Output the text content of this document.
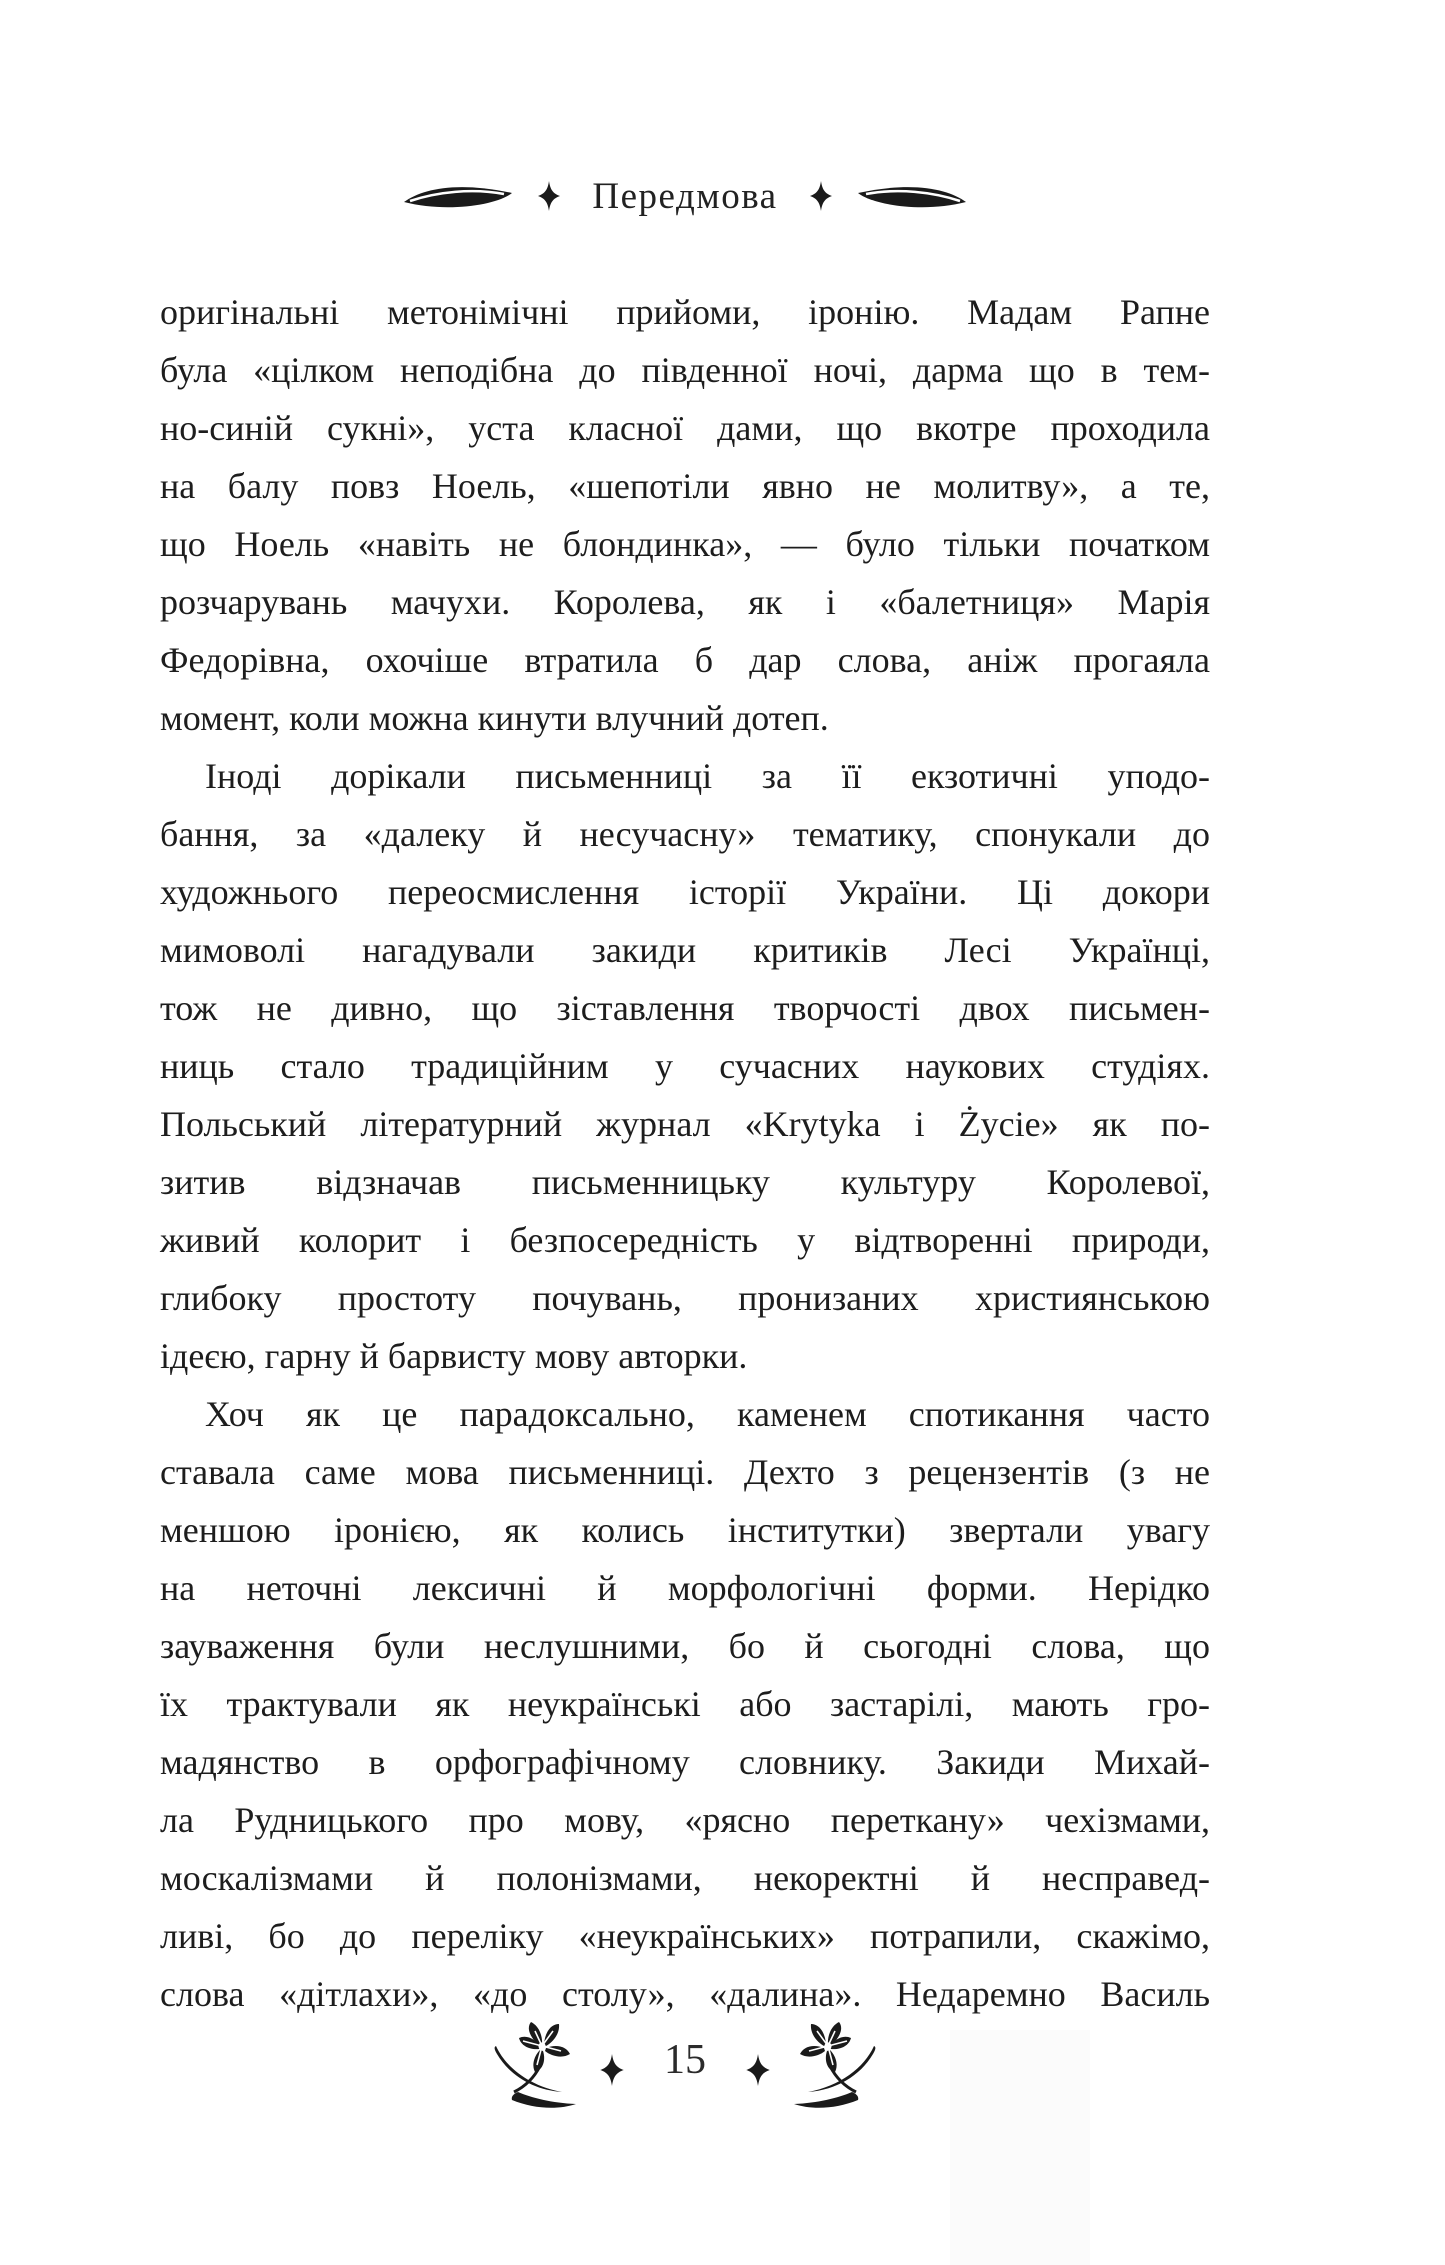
Передмова
оригінальні метонімічні прийоми, іронію. Мадам Рапне
була «цілком неподібна до південної ночі, дарма що в тем-
но-синій сукні», уста класної дами, що вкотре проходила
на балу повз Ноель, «шепотіли явно не молитву», а те,
що Ноель «навіть не блондинка», — було тільки початком
розчарувань мачухи. Королева, як і «балетниця» Марія
Федорівна, охочіше втратила б дар слова, аніж прогаяла
момент, коли можна кинути влучний дотеп.
Іноді дорікали письменниці за її екзотичні уподо-
бання, за «далеку й несучасну» тематику, спонукали до
художнього переосмислення історії України. Ці докори
мимоволі нагадували закиди критиків Лесі Українці,
тож не дивно, що зіставлення творчості двох письмен-
ниць стало традиційним у сучасних наукових студіях.
Польський літературний журнал «Krytyka i Życie» як по-
зитив відзначав письменницьку культуру Королевої,
живий колорит і безпосередність у відтворенні природи,
глибоку простоту почувань, пронизаних християнською
ідеєю, гарну й барвисту мову авторки.
Хоч як це парадоксально, каменем спотикання часто
ставала саме мова письменниці. Дехто з рецензентів (з не
меншою іронією, як колись інститутки) звертали увагу
на неточні лексичні й морфологічні форми. Нерідко
зауваження були неслушними, бо й сьогодні слова, що
їх трактували як неукраїнські або застарілі, мають гро-
мадянство в орфографічному словнику. Закиди Михай-
ла Рудницького про мову, «рясно переткану» чехізмами,
москалізмами й полонізмами, некоректні й несправед-
ливі, бо до переліку «неукраїнських» потрапили, скажімо,
слова «дітлахи», «до столу», «далина». Недаремно Василь
15
